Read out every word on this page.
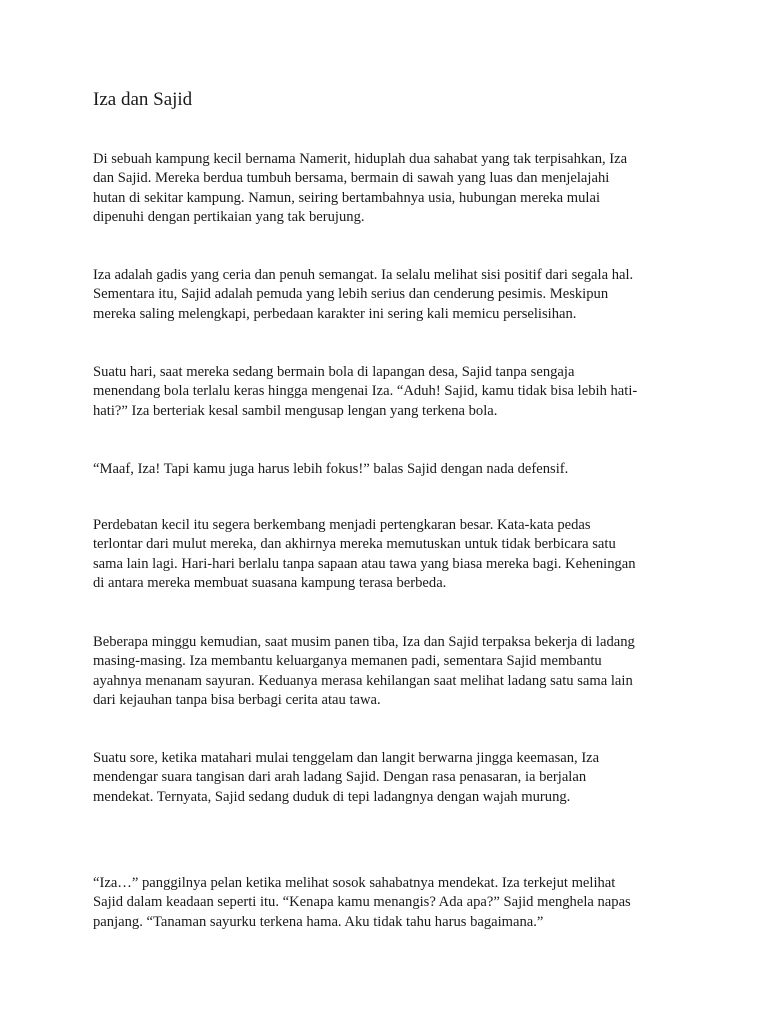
Iza dan Sajid

Di sebuah kampung kecil bernama Namerit, hiduplah dua sahabat yang tak terpisahkan, Iza
dan Sajid. Mereka berdua tumbuh bersama, bermain di sawah yang luas dan menjelajahi
hutan di sekitar kampung. Namun, seiring bertambahnya usia, hubungan mereka mulai
dipenuhi dengan pertikaian yang tak berujung.

Iza adalah gadis yang ceria dan penuh semangat. Ia selalu melihat sisi positif dari segala hal.
Sementara itu, Sajid adalah pemuda yang lebih serius dan cenderung pesimis. Meskipun
mereka saling melengkapi, perbedaan karakter ini sering kali memicu perselisihan.

Suatu hari, saat mereka sedang bermain bola di lapangan desa, Sajid tanpa sengaja
menendang bola terlalu keras hingga mengenai Iza. “Aduh! Sajid, kamu tidak bisa lebih hati-
hati?” Iza berteriak kesal sambil mengusap lengan yang terkena bola.

“Maaf, Iza! Tapi kamu juga harus lebih fokus!” balas Sajid dengan nada defensif.

Perdebatan kecil itu segera berkembang menjadi pertengkaran besar. Kata-kata pedas
terlontar dari mulut mereka, dan akhirnya mereka memutuskan untuk tidak berbicara satu
sama lain lagi. Hari-hari berlalu tanpa sapaan atau tawa yang biasa mereka bagi. Keheningan
di antara mereka membuat suasana kampung terasa berbeda.

Beberapa minggu kemudian, saat musim panen tiba, Iza dan Sajid terpaksa bekerja di ladang
masing-masing. Iza membantu keluarganya memanen padi, sementara Sajid membantu
ayahnya menanam sayuran. Keduanya merasa kehilangan saat melihat ladang satu sama lain
dari kejauhan tanpa bisa berbagi cerita atau tawa.

Suatu sore, ketika matahari mulai tenggelam dan langit berwarna jingga keemasan, Iza
mendengar suara tangisan dari arah ladang Sajid. Dengan rasa penasaran, ia berjalan
mendekat. Ternyata, Sajid sedang duduk di tepi ladangnya dengan wajah murung.

“Iza…” panggilnya pelan ketika melihat sosok sahabatnya mendekat. Iza terkejut melihat
Sajid dalam keadaan seperti itu. “Kenapa kamu menangis? Ada apa?” Sajid menghela napas
panjang. “Tanaman sayurku terkena hama. Aku tidak tahu harus bagaimana.”
